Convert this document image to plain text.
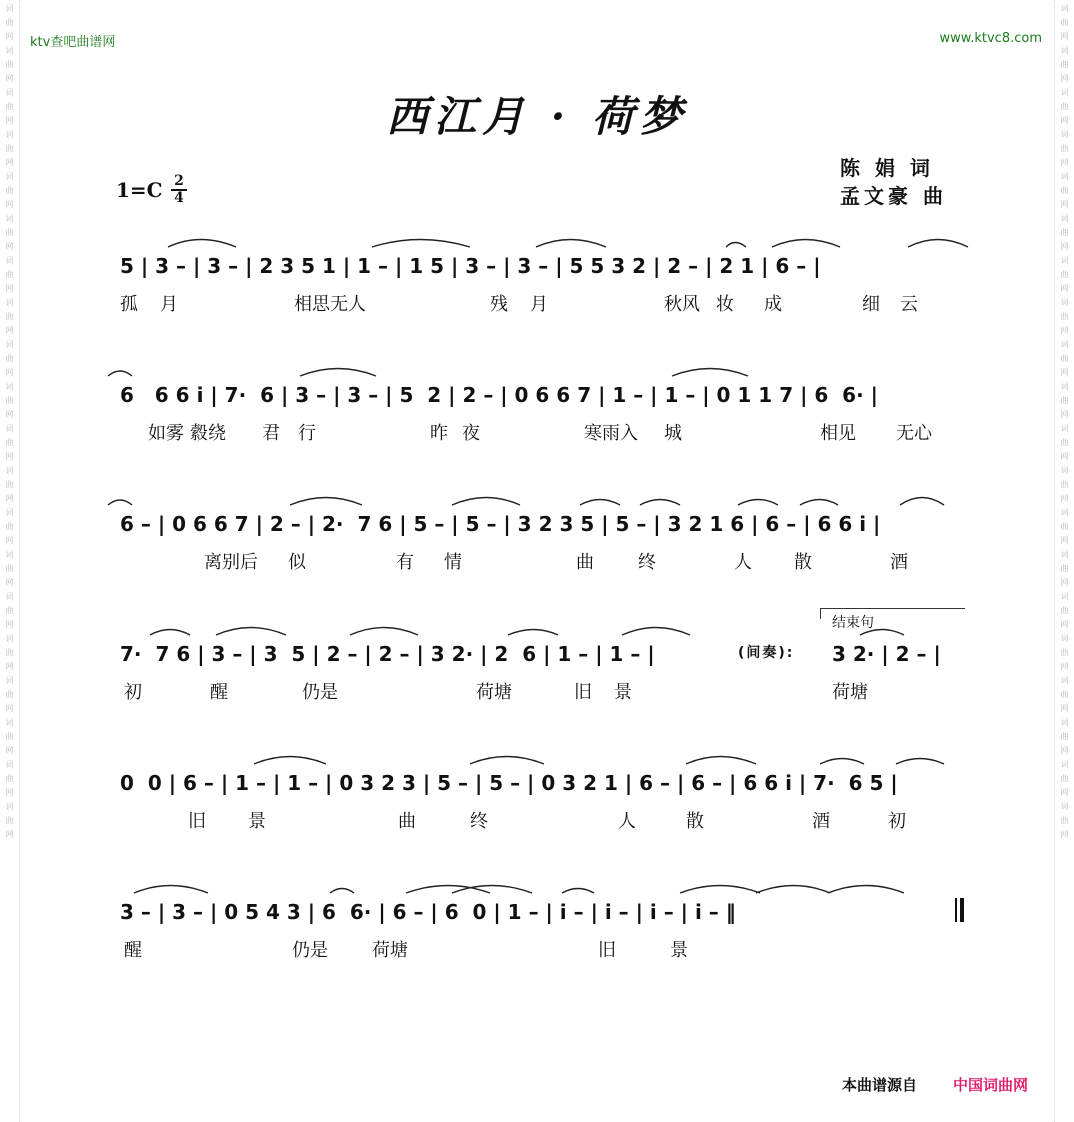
词
曲
网
词
曲
网
词
曲
网
词
曲
网
词
曲
网
词
曲
网
词
曲
网
词
曲
网
词
曲
网
词
曲
网
词
曲
网
词
曲
网
词
曲
网
词
曲
网
词
曲
网
词
曲
网
词
曲
网
词
曲
网
词
曲
网
词
曲
网
词
曲
网
词
曲
网
词
曲
网
词
曲
网
词
曲
网
词
曲
网
词
曲
网
词
曲
网
词
曲
网
词
曲
网
词
曲
网
词
曲
网
词
曲
网
词
曲
网
词
曲
网
词
曲
网
词
曲
网
词
曲
网
词
曲
网
词
曲
网
ktv查吧曲谱网	www.ktvc8.com
西江月 · 荷梦
陈 娟 词
孟文豪 曲
$1=C \frac{2}{4}$
5 | 3 – | 3 – | 2 3 5 1 | 1 – | 1 5 | 3 – | 3 – | 5 5 3 2 | 2 – | 2 1 | 6 – |
6   6 6 i | 7·  6 | 3 – | 3 – | 5  2 | 2 – | 0 6 6 7 | 1 – | 1 – | 0 1 1 7 | 6  6· |
6 – | 0 6 6 7 | 2 – | 2·  7 6 | 5 – | 5 – | 3 2 3 5 | 5 – | 3 2 1 6 | 6 – | 6 6 i |
7·  7 6 | 3 – | 3  5 | 2 – | 2 – | 3 2· | 2  6 | 1 – | 1 – |	(间奏):
结束句
3 2· | 2 – |
0  0 | 6 – | 1 – | 1 – | 0 3 2 3 | 5 – | 5 – | 0 3 2 1 | 6 – | 6 – | 6 6 i | 7·  6 5 |
3 – | 3 – | 0 5 4 3 | 6  6· | 6 – | 6  0 | 1 – | i – | i – | i – | i – ‖
孤 月	相思无人	残 月	秋风 妆 成	细 云
如雾 縠绕 君 行	昨 夜	寒雨入 城	相见 无心
离别后 似	有 情	曲 终	人 散	酒
初	醒	仍是	荷塘	旧 景	荷塘
旧 景	曲	终	人	散	酒	初
醒	仍是 荷塘	旧	景
本曲谱源自 中国词曲网
